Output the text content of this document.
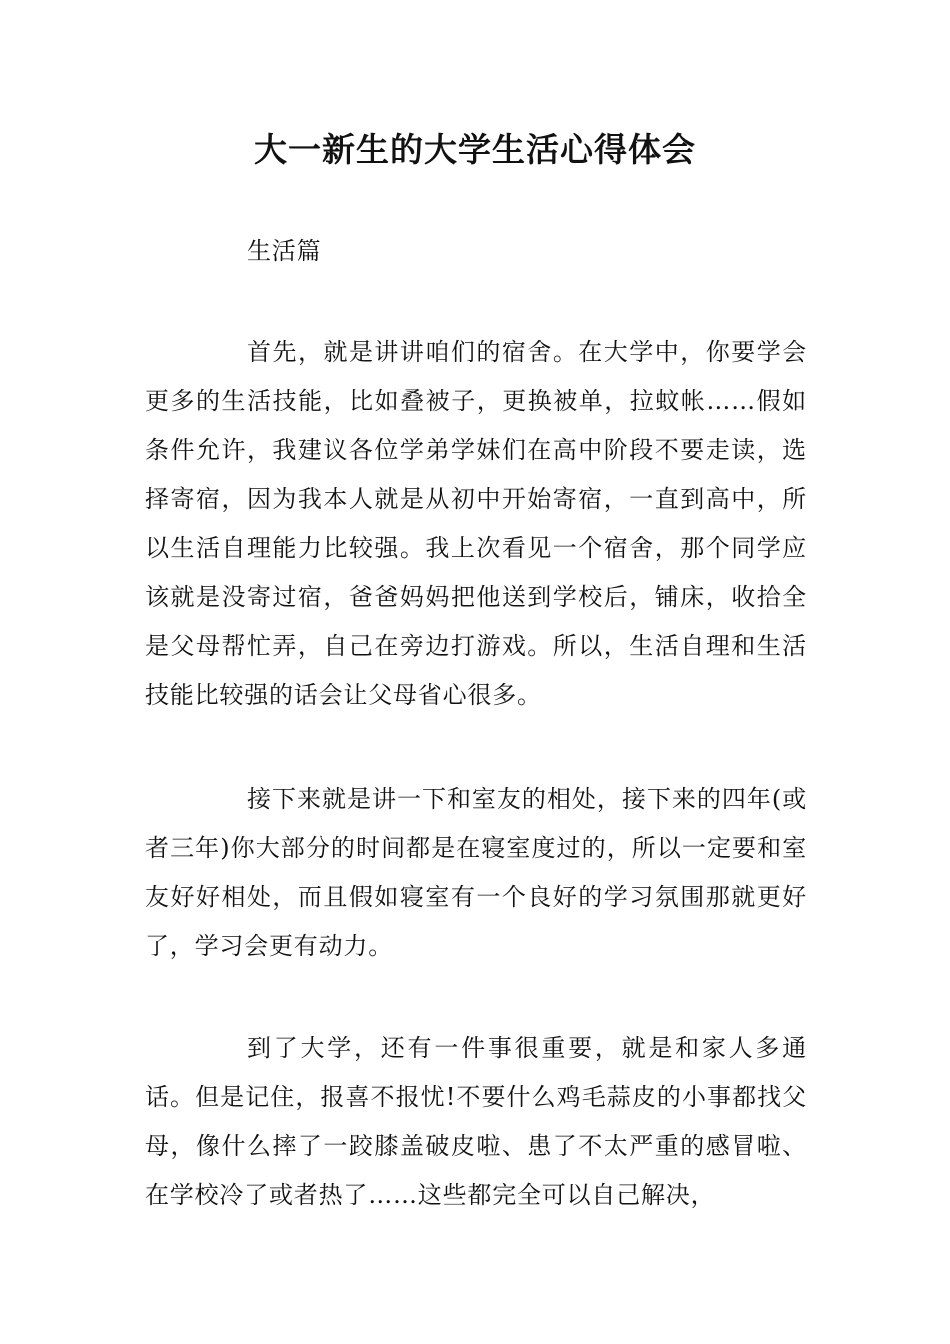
大一新生的大学生活心得体会

生活篇

首先，就是讲讲咱们的宿舍。在大学中，你要学会更多的生活技能，比如叠被子，更换被单，拉蚊帐……假如条件允许，我建议各位学弟学妹们在高中阶段不要走读，选择寄宿，因为我本人就是从初中开始寄宿，一直到高中，所以生活自理能力比较强。我上次看见一个宿舍，那个同学应该就是没寄过宿，爸爸妈妈把他送到学校后，铺床，收拾全是父母帮忙弄，自己在旁边打游戏。所以，生活自理和生活技能比较强的话会让父母省心很多。

接下来就是讲一下和室友的相处，接下来的四年(或者三年)你大部分的时间都是在寝室度过的，所以一定要和室友好好相处，而且假如寝室有一个良好的学习氛围那就更好了，学习会更有动力。

到了大学，还有一件事很重要，就是和家人多通话。但是记住，报喜不报忧!不要什么鸡毛蒜皮的小事都找父母，像什么摔了一跤膝盖破皮啦、患了不太严重的感冒啦、在学校冷了或者热了……这些都完全可以自己解决，
